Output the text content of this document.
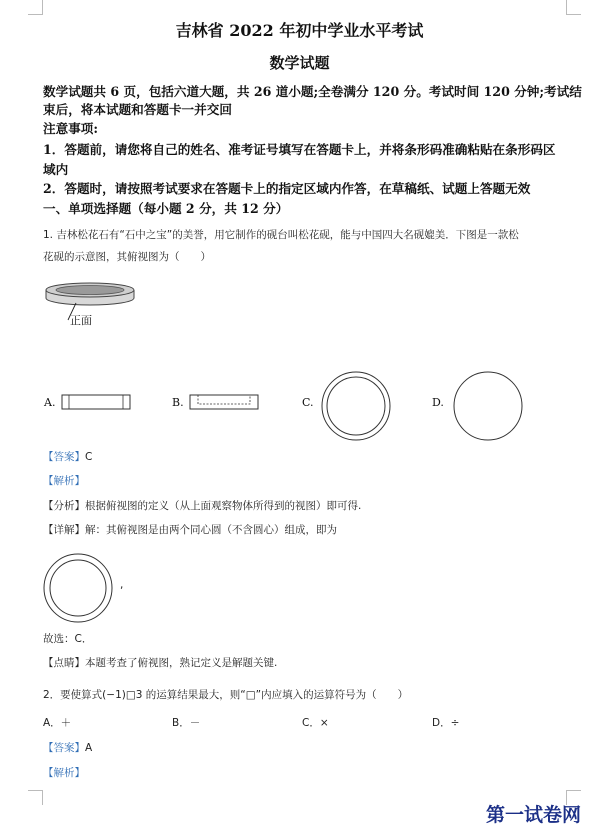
吉林省 2022 年初中学业水平考试
数学试题
数学试题共 6 页，包括六道大题，共 26 道小题;全卷满分 120 分。考试时间 120 分钟;考试结
束后，将本试题和答题卡一并交回
注意事项:
1．答题前，请您将自己的姓名、准考证号填写在答题卡上，并将条形码准确粘贴在条形码区
域内
2．答题时，请按照考试要求在答题卡上的指定区域内作答，在草稿纸、试题上答题无效
一、单项选择题（每小题 2 分，共 12 分）
1. 吉林松花石有“石中之宝”的美誉，用它制作的砚台叫松花砚，能与中国四大名砚媲美．下图是一款松
花砚的示意图，其俯视图为（　　）
正面
A.	B.	C.	D.
【答案】C
【解析】
【分析】根据俯视图的定义（从上面观察物体所得到的视图）即可得.
【详解】解：其俯视图是由两个同心圆（不含圆心）组成，即为
,
故选：C．
【点睛】本题考查了俯视图，熟记定义是解题关键.
2．要使算式(−1)□3 的运算结果最大，则“□”内应填入的运算符号为（　　）
A．＋	B．－	C．×	D．÷
【答案】A
【解析】
第一试卷网
